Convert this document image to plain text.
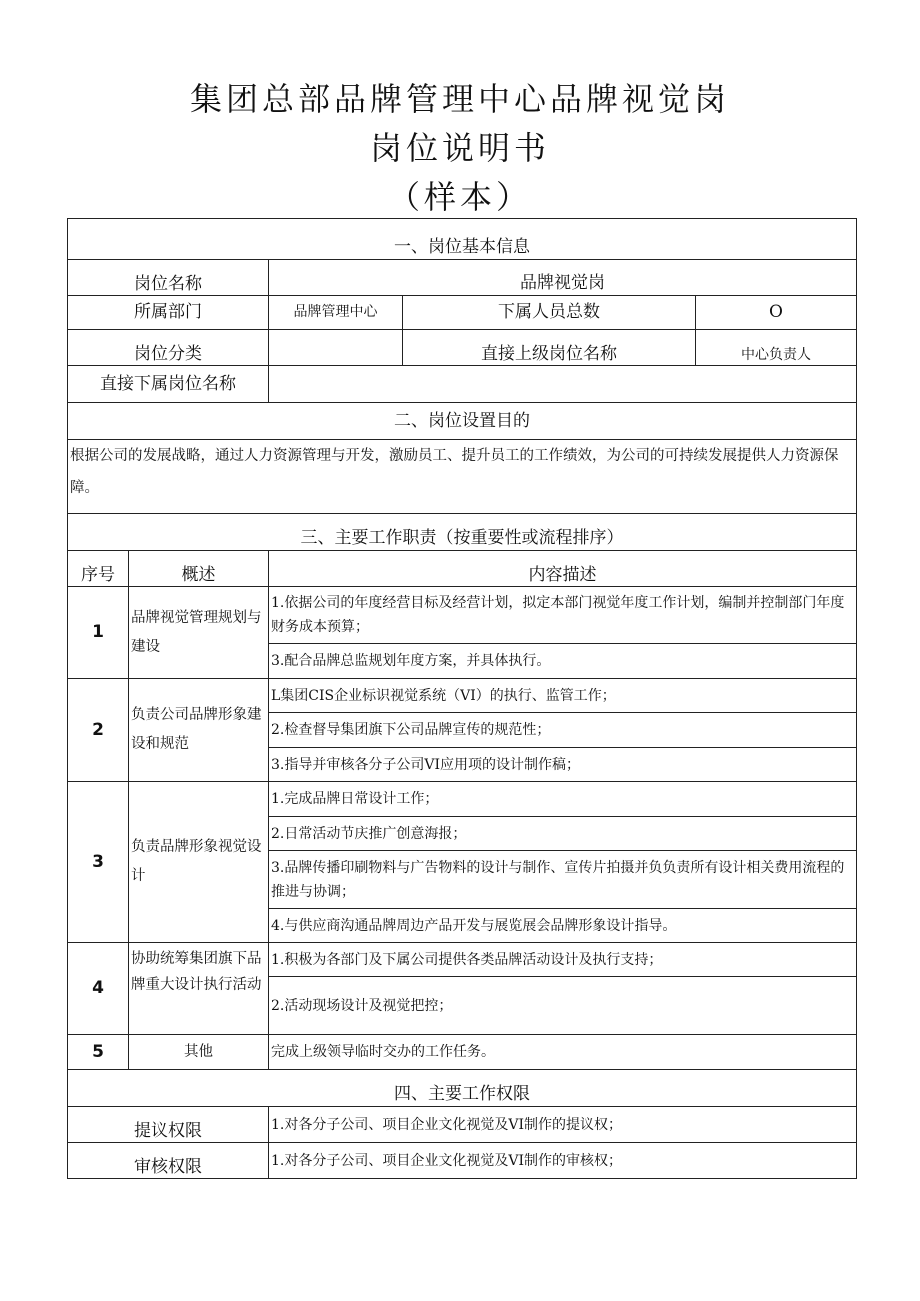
集团总部品牌管理中心品牌视觉岗
岗位说明书
（样本）
一、岗位基本信息				
岗位名称		品牌视觉岗		
所属部门		品牌管理中心	下属人员总数	O
岗位分类			直接上级岗位名称	中心负责人
直接下属岗位名称				
二、岗位设置目的				
根据公司的发展战略，通过人力资源管理与开发，激励员工、提升员工的工作绩效，为公司的可持续发展提供人力资源保障。				
三、主要工作职责（按重要性或流程排序）				
序号	概述	内容描述		
1	品牌视觉管理规划与建设	1.依据公司的年度经营目标及经营计划，拟定本部门视觉年度工作计划，编制并控制部门年度财务成本预算；		
		3.配合品牌总监规划年度方案，并具体执行。		
2	负责公司品牌形象建设和规范	L集团CIS企业标识视觉系统（VI）的执行、监管工作；		
		2.检查督导集团旗下公司品牌宣传的规范性；		
		3.指导并审核各分子公司VI应用项的设计制作稿；		
3	负责品牌形象视觉设计	1.完成品牌日常设计工作；		
		2.日常活动节庆推广创意海报；		
		3.品牌传播印刷物料与广告物料的设计与制作、宣传片拍摄并负负责所有设计相关费用流程的推进与协调；		
		4.与供应商沟通品牌周边产品开发与展览展会品牌形象设计指导。		
4	协助统筹集团旗下品牌重大设计执行活动	1.积极为各部门及下属公司提供各类品牌活动设计及执行支持；		
		2.活动现场设计及视觉把控；		
5	其他	完成上级领导临时交办的工作任务。		
四、主要工作权限				
提议权限		1.对各分子公司、项目企业文化视觉及VI制作的提议权；		
审核权限		1.对各分子公司、项目企业文化视觉及VI制作的审核权；		
